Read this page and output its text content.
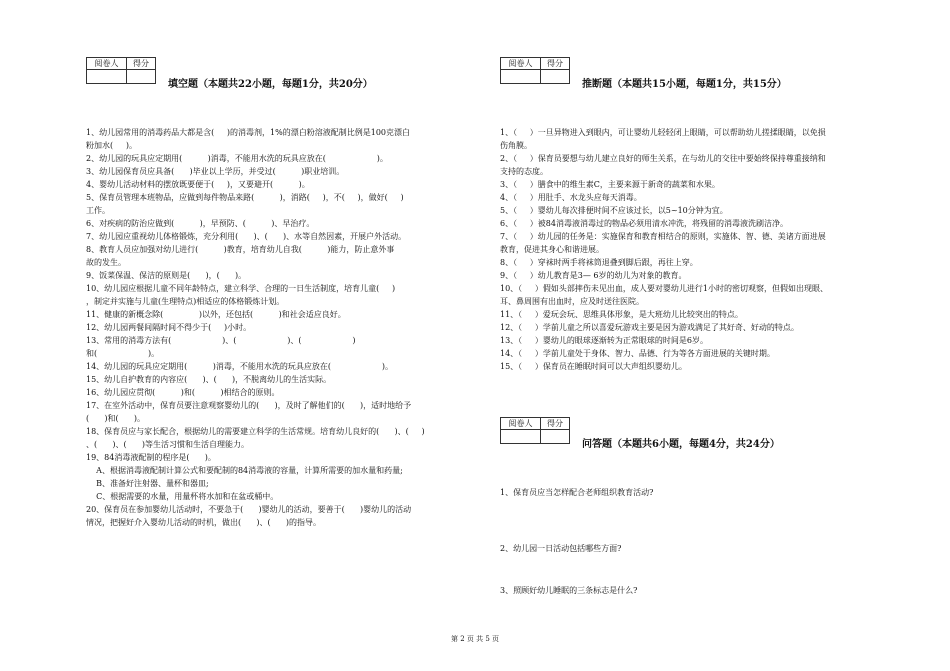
阅卷人	得分

填空题（本题共22小题，每题1分，共20分）
1、幼儿园常用的消毒药品大都是含(     )的消毒剂，1%的漂白粉溶液配制比例是100克漂白
粉加水(     )。
2、幼儿园的玩具应定期用(          )消毒，不能用水洗的玩具应放在(                    )。
3、幼儿园保育员应具备(      )毕业以上学历，并受过(          )职业培训。
4、婴幼儿活动材料的摆放既要便于(     )，又要避开(          )。
5、保育员管理本班物品，应做到每件物品来路(          )，消路(     )，不(     )，做好(     )
工作。
6、对疾病的防治应做到(          )，早预防、(          )、早治疗。
7、幼儿园应重视幼儿体格锻炼，充分利用(      )、(      )、水等自然因素，开展户外活动。
8、教育人员应加强对幼儿进行(          )教育，培育幼儿自我(          )能力，防止意外事
故的发生。
9、饭菜保温、保洁的原则是(      )，(      )。
10、幼儿园应根据儿童不同年龄特点，建立科学、合理的一日生活制度，培育儿童(     )
，制定并实施与儿童(生理特点)相适应的体格锻炼计划。
11、健康的新概念除(              )以外，还包括(          )和社会适应良好。
12、幼儿园两餐间隔时间不得少于(     )小时。
13、常用的消毒方法有(                    )、(                    )、(                    )
和(                    )。
14、幼儿园的玩具应定期用(          )消毒，不能用水洗的玩具应放在(                    )。
15、幼儿自护教育的内容应(      )、(      )，不脱离幼儿的生活实际。
16、幼儿园应贯彻(          )和(          )相结合的原则。
17、在室外活动中，保育员要注意观察婴幼儿的(      )，及时了解他们的(      )，适时地给予
(      )和(      )。
18、保育员应与家长配合，根据幼儿的需要建立科学的生活常规。培育幼儿良好的(      )、(     )
、(      )、(      )等生活习惯和生活自理能力。
19、84消毒液配制的程序是(      )。
A、根据消毒液配制计算公式和要配制的84消毒液的容量，计算所需要的加水量和药量;
B、准备好注射器、量杯和器皿;
C、根据需要的水量，用量杯将水加和在盆或桶中。
20、保育员在参加婴幼儿活动时，不要急于(      )婴幼儿的活动，要善于(      )婴幼儿的活动
情况，把握好介入婴幼儿活动的时机，做出(      )、(      )的指导。
阅卷人	得分

推断题（本题共15小题，每题1分，共15分）
1、（     ）一旦异物进入到眼内，可让婴幼儿轻轻闭上眼睛，可以帮助幼儿搓揉眼睛，以免损
伤角膜。
2、（     ）保育员要想与幼儿建立良好的师生关系，在与幼儿的交往中要始终保持尊重接纳和
支持的态度。
3、（     ）膳食中的维生素C，主要来源于新奇的蔬菜和水果。
4、（     ）用肚手、水龙头应每天消毒。
5、（     ）婴幼儿每次排便时间不应该过长，以5~10分钟为宜。
6、（     ）被84消毒液消毒过的物品必须用清水冲洗，将残留的消毒液洗刷洁净。
7、（     ）幼儿园的任务是：实施保育和教育相结合的原则，实施体、智、德、美诸方面进展
教育，促进其身心和谐进展。
8、（     ）穿袜时两手将袜筒退叠到脚后跟，再往上穿。
9、（     ）幼儿教育是3— 6岁的幼儿为对象的教育。
10、（     ）假如头部摔伤未见出血，成人要对婴幼儿进行1小时的密切观察，但假如出现眼、
耳、鼻周围有出血时，应及时送往医院。
11、（     ）爱玩会玩、思维具体形象，是大班幼儿比较突出的特点。
12、（     ）学前儿童之所以喜爱玩游戏主要是因为游戏满足了其好奇、好动的特点。
13、（     ）婴幼儿的眼球逐渐转为正常眼球的时间是6岁。
14、（     ）学前儿童处于身体、智力、品德、行为等各方面进展的关键时期。
15、（     ）保育员在睡眠时间可以大声组织婴幼儿。
阅卷人	得分

问答题（本题共6小题，每题4分，共24分）
1、保育员应当怎样配合老师组织教育活动?
2、幼儿园一日活动包括哪些方面?
3、照顾好幼儿睡眠的三条标志是什么?
第 2 页 共 5 页
